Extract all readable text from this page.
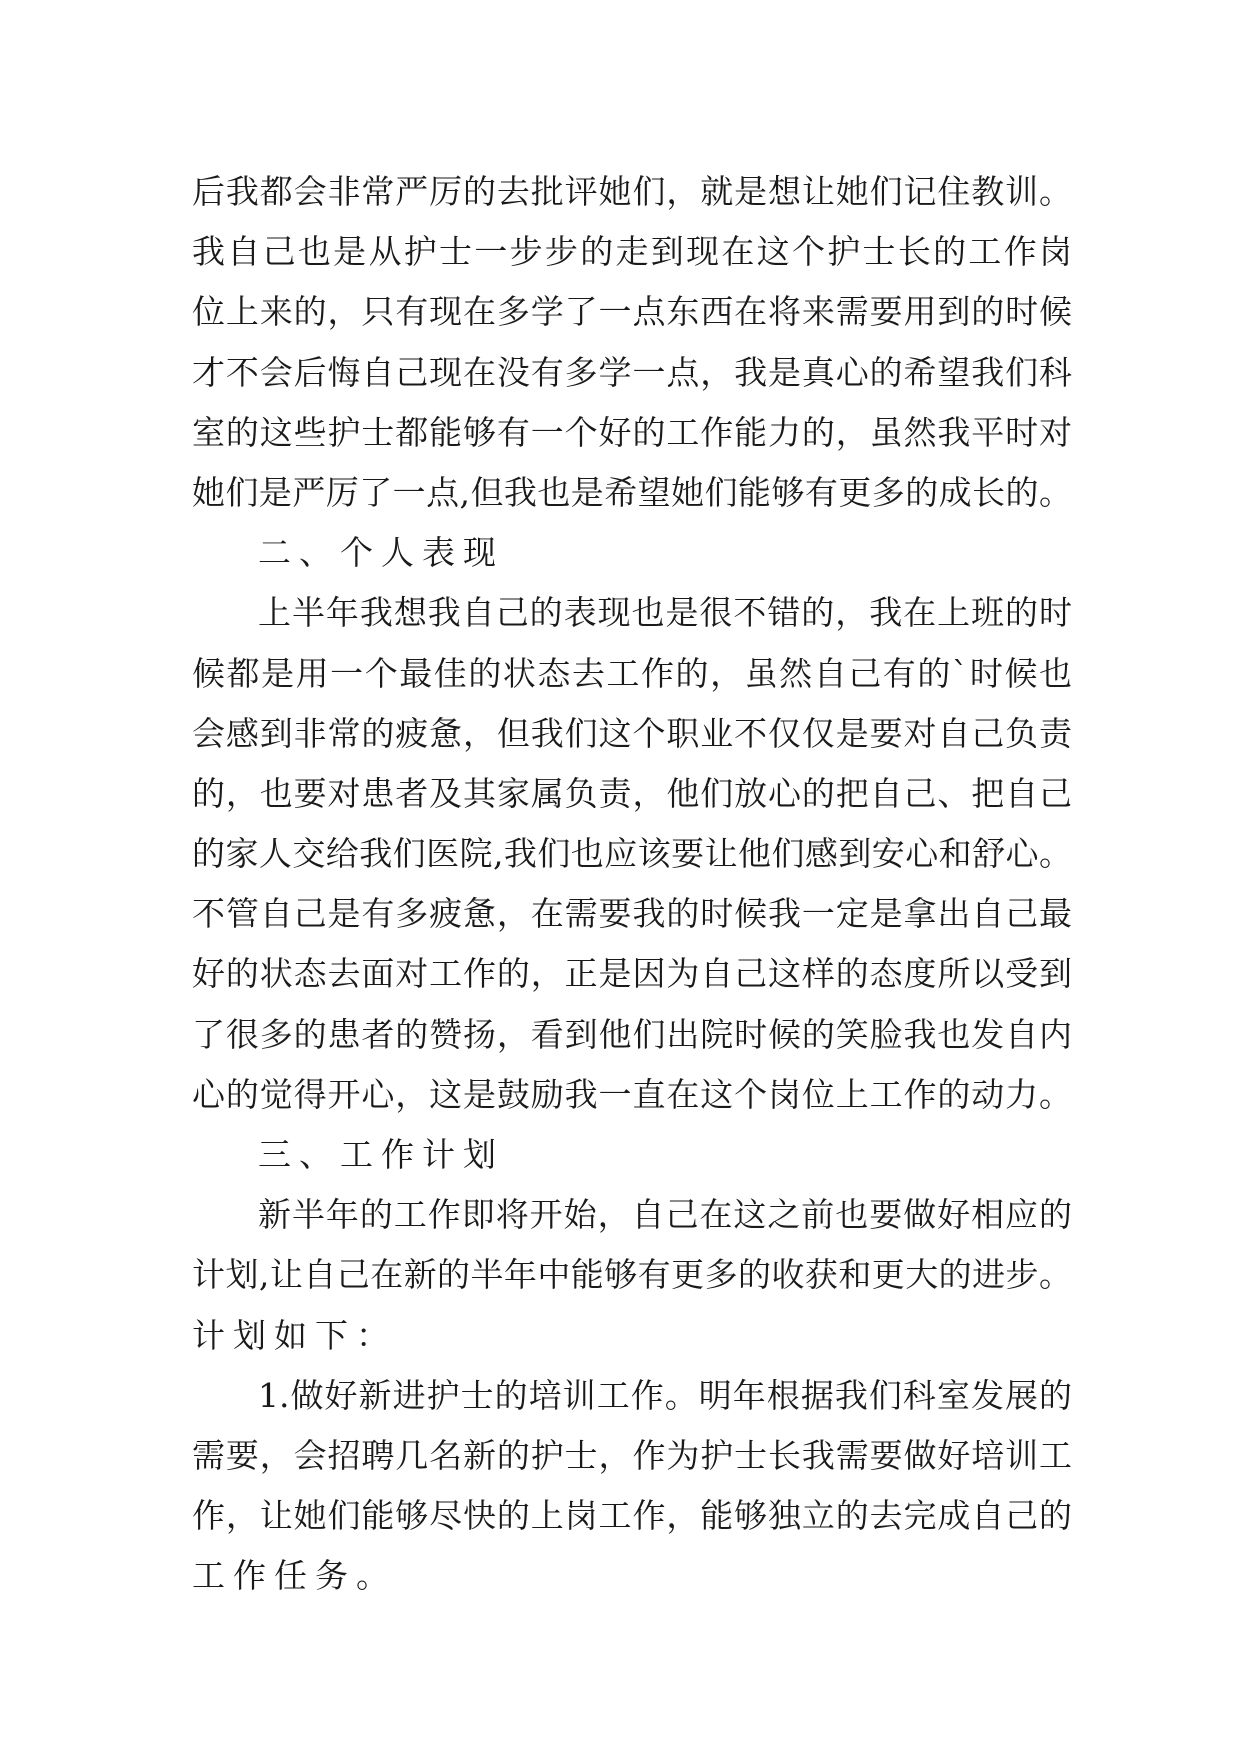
后我都会非常严厉的去批评她们，就是想让她们记住教训。
我自己也是从护士一步步的走到现在这个护士长的工作岗
位上来的，只有现在多学了一点东西在将来需要用到的时候
才不会后悔自己现在没有多学一点，我是真心的希望我们科
室的这些护士都能够有一个好的工作能力的，虽然我平时对
她们是严厉了一点,但我也是希望她们能够有更多的成长的。
二、个人表现
上半年我想我自己的表现也是很不错的，我在上班的时
候都是用一个最佳的状态去工作的，虽然自己有的`时候也
会感到非常的疲惫，但我们这个职业不仅仅是要对自己负责
的，也要对患者及其家属负责，他们放心的把自己、把自己
的家人交给我们医院,我们也应该要让他们感到安心和舒心。
不管自己是有多疲惫，在需要我的时候我一定是拿出自己最
好的状态去面对工作的，正是因为自己这样的态度所以受到
了很多的患者的赞扬，看到他们出院时候的笑脸我也发自内
心的觉得开心，这是鼓励我一直在这个岗位上工作的动力。
三、工作计划
新半年的工作即将开始，自己在这之前也要做好相应的
计划,让自己在新的半年中能够有更多的收获和更大的进步。
计划如下：
1.做好新进护士的培训工作。明年根据我们科室发展的
需要，会招聘几名新的护士，作为护士长我需要做好培训工
作，让她们能够尽快的上岗工作，能够独立的去完成自己的
工作任务。
